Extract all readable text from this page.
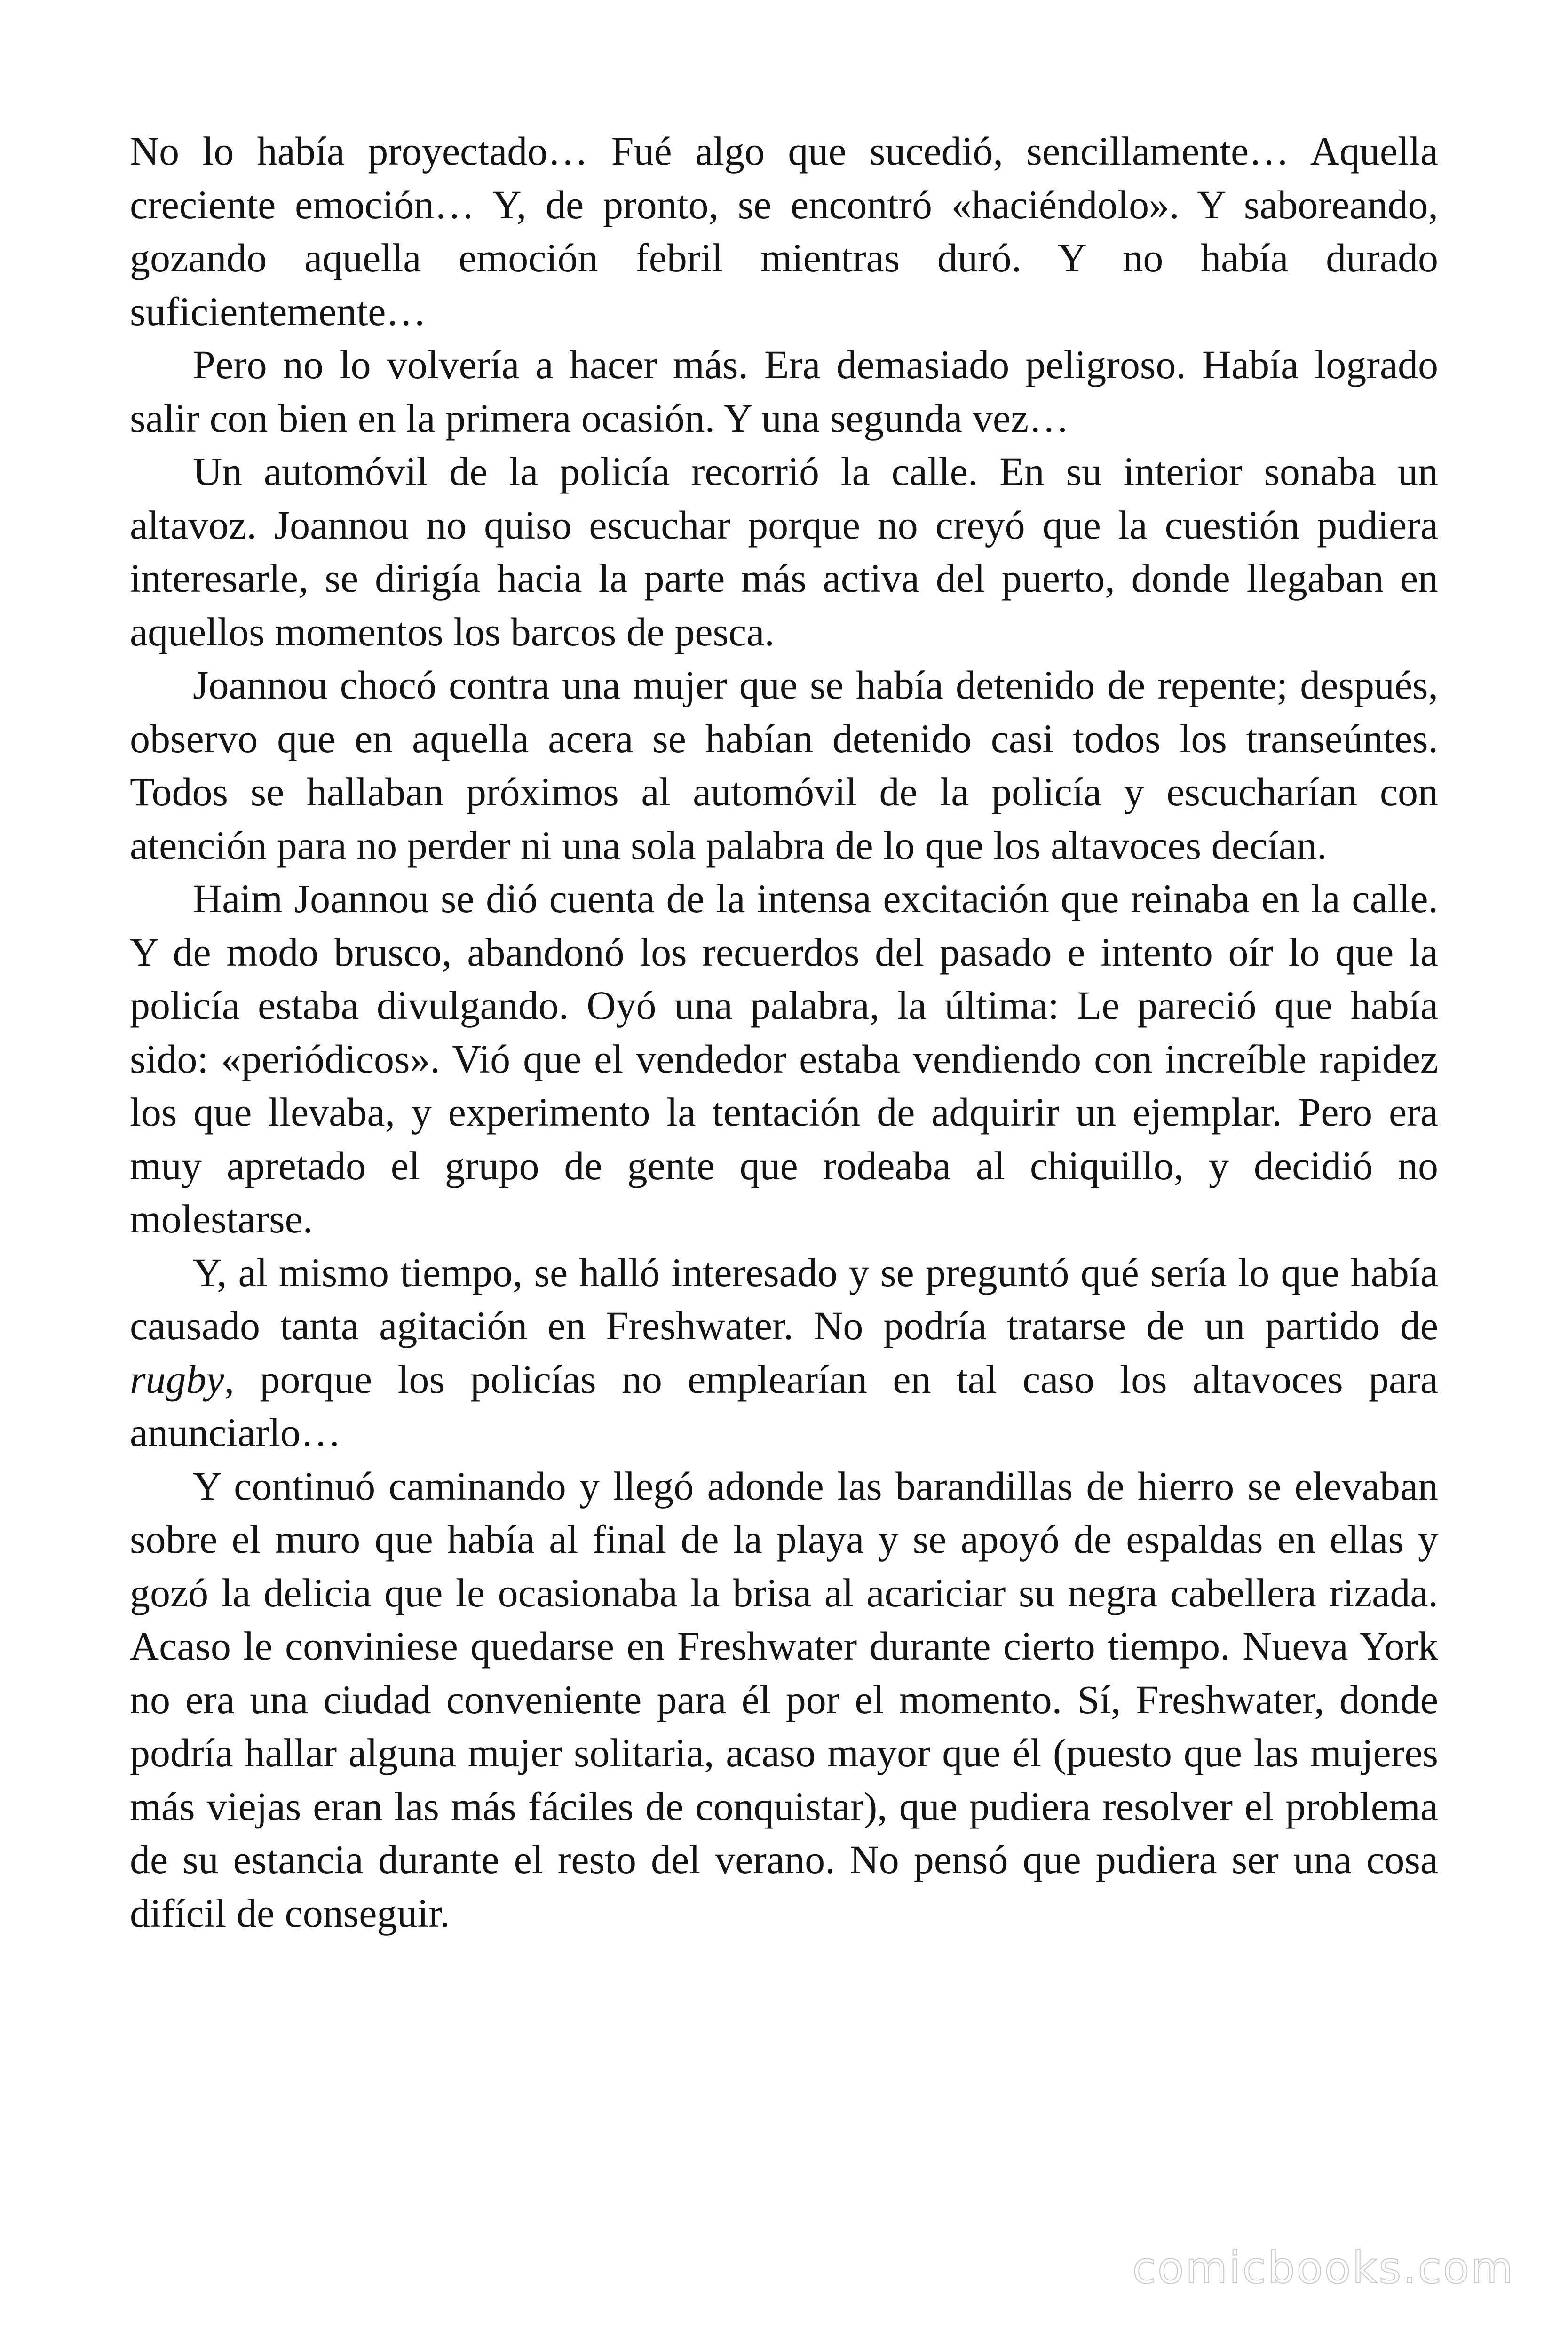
No lo había proyectado… Fué algo que sucedió, sencillamente… Aquella creciente emoción… Y, de pronto, se encontró «haciéndolo». Y saboreando, gozando aquella emoción febril mientras duró. Y no había durado suficientemente…

Pero no lo volvería a hacer más. Era demasiado peligroso. Había logrado salir con bien en la primera ocasión. Y una segunda vez…

Un automóvil de la policía recorrió la calle. En su interior sonaba un altavoz. Joannou no quiso escuchar porque no creyó que la cuestión pudiera interesarle, se dirigía hacia la parte más activa del puerto, donde llegaban en aquellos momentos los barcos de pesca.

Joannou chocó contra una mujer que se había detenido de repente; después, observo que en aquella acera se habían detenido casi todos los transeúntes. Todos se hallaban próximos al automóvil de la policía y escucharían con atención para no perder ni una sola palabra de lo que los altavoces decían.

Haim Joannou se dió cuenta de la intensa excitación que reinaba en la calle. Y de modo brusco, abandonó los recuerdos del pasado e intento oír lo que la policía estaba divulgando. Oyó una palabra, la última: Le pareció que había sido: «periódicos». Vió que el vendedor estaba vendiendo con increíble rapidez los que llevaba, y experimento la tentación de adquirir un ejemplar. Pero era muy apretado el grupo de gente que rodeaba al chiquillo, y decidió no molestarse.

Y, al mismo tiempo, se halló interesado y se preguntó qué sería lo que había causado tanta agitación en Freshwater. No podría tratarse de un partido de rugby, porque los policías no emplearían en tal caso los altavoces para anunciarlo…

Y continuó caminando y llegó adonde las barandillas de hierro se elevaban sobre el muro que había al final de la playa y se apoyó de espaldas en ellas y gozó la delicia que le ocasionaba la brisa al acariciar su negra cabellera rizada. Acaso le conviniese quedarse en Freshwater durante cierto tiempo. Nueva York no era una ciudad conveniente para él por el momento. Sí, Freshwater, donde podría hallar alguna mujer solitaria, acaso mayor que él (puesto que las mujeres más viejas eran las más fáciles de conquistar), que pudiera resolver el problema de su estancia durante el resto del verano. No pensó que pudiera ser una cosa difícil de conseguir.

comicbooks.com
